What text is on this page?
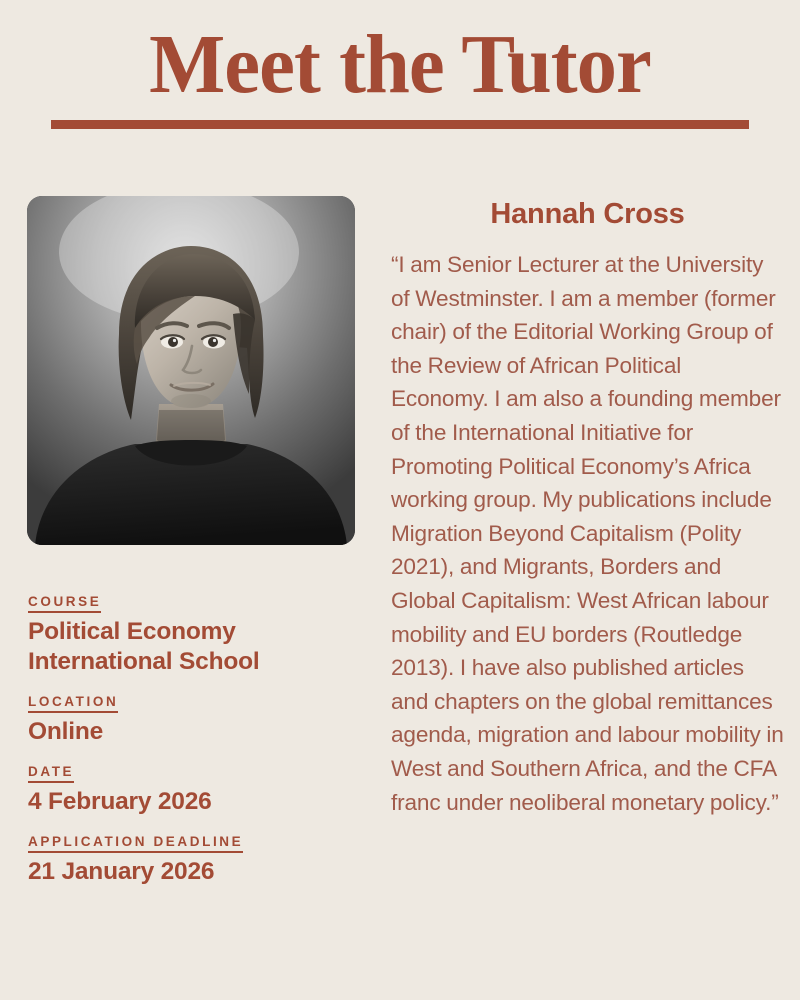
Meet the Tutor
COURSE
Political Economy International School
LOCATION
Online
DATE
4 February 2026
APPLICATION DEADLINE
21 January 2026
Hannah Cross

“I am Senior Lecturer at the University of Westminster. I am a member (former chair) of the Editorial Working Group of the Review of African Political Economy. I am also a founding member of the International Initiative for Promoting Political Economy’s Africa working group. My publications include Migration Beyond Capitalism (Polity 2021), and Migrants, Borders and Global Capitalism: West African labour mobility and EU borders (Routledge 2013). I have also published articles and chapters on the global remittances agenda, migration and labour mobility in West and Southern Africa, and the CFA franc under neoliberal monetary policy.”
